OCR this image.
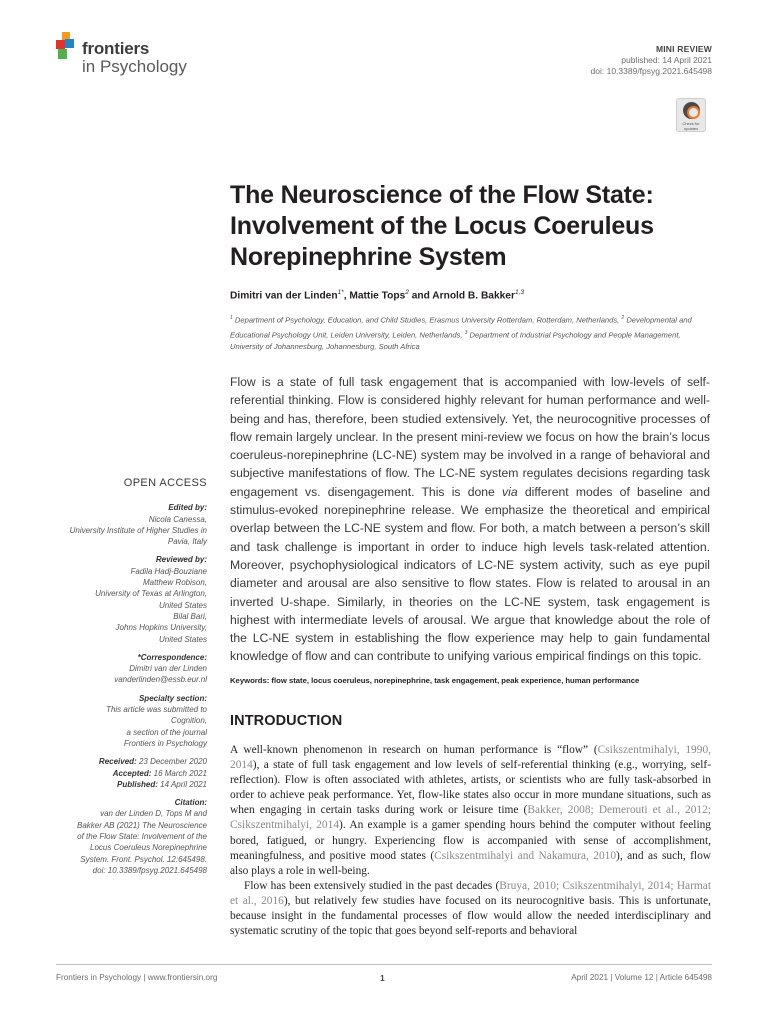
frontiers
in Psychology
MINI REVIEW
published: 14 April 2021
doi: 10.3389/fpsyg.2021.645498
Check for updates
The Neuroscience of the Flow State:
Involvement of the Locus Coeruleus
Norepinephrine System
Dimitri van der Linden$^{1*}$, Mattie Tops$^2$ and Arnold B. Bakker$^{1,3}$
$^1$ Department of Psychology, Education, and Child Studies, Erasmus University Rotterdam, Rotterdam, Netherlands, $^2$ Developmental and Educational Psychology Unit, Leiden University, Leiden, Netherlands, $^3$ Department of Industrial Psychology and People Management, University of Johannesburg, Johannesburg, South Africa
Flow is a state of full task engagement that is accompanied with low-levels of self-referential thinking. Flow is considered highly relevant for human performance and well-being and has, therefore, been studied extensively. Yet, the neurocognitive processes of flow remain largely unclear. In the present mini-review we focus on how the brain’s locus coeruleus-norepinephrine (LC-NE) system may be involved in a range of behavioral and subjective manifestations of flow. The LC-NE system regulates decisions regarding task engagement vs. disengagement. This is done via different modes of baseline and stimulus-evoked norepinephrine release. We emphasize the theoretical and empirical overlap between the LC-NE system and flow. For both, a match between a person’s skill and task challenge is important in order to induce high levels task-related attention. Moreover, psychophysiological indicators of LC-NE system activity, such as eye pupil diameter and arousal are also sensitive to flow states. Flow is related to arousal in an inverted U-shape. Similarly, in theories on the LC-NE system, task engagement is highest with intermediate levels of arousal. We argue that knowledge about the role of the LC-NE system in establishing the flow experience may help to gain fundamental knowledge of flow and can contribute to unifying various empirical findings on this topic.
Keywords: flow state, locus coeruleus, norepinephrine, task engagement, peak experience, human performance
OPEN ACCESS
Edited by:
Nicola Canessa,
University Institute of Higher Studies in
Pavia, Italy
Reviewed by:
Fadila Hadj-Bouziane
Matthew Robison,
University of Texas at Arlington,
United States
Bilal Bari,
Johns Hopkins University,
United States
*Correspondence:
Dimitri van der Linden
vanderlinden@essb.eur.nl
Specialty section:
This article was submitted to
Cognition,
a section of the journal
Frontiers in Psychology
Received: 23 December 2020
Accepted: 16 March 2021
Published: 14 April 2021
Citation:
van der Linden D, Tops M and
Bakker AB (2021) The Neuroscience
of the Flow State: Involvement of the
Locus Coeruleus Norepinephrine
System. Front. Psychol. 12:645498.
doi: 10.3389/fpsyg.2021.645498
INTRODUCTION

A well-known phenomenon in research on human performance is “flow” (Csikszentmihalyi, 1990, 2014), a state of full task engagement and low levels of self-referential thinking (e.g., worrying, self-reflection). Flow is often associated with athletes, artists, or scientists who are fully task-absorbed in order to achieve peak performance. Yet, flow-like states also occur in more mundane situations, such as when engaging in certain tasks during work or leisure time (Bakker, 2008; Demerouti et al., 2012; Csikszentmihalyi, 2014). An example is a gamer spending hours behind the computer without feeling bored, fatigued, or hungry. Experiencing flow is accompanied with sense of accomplishment, meaningfulness, and positive mood states (Csikszentmihalyi and Nakamura, 2010), and as such, flow also plays a role in well-being.

Flow has been extensively studied in the past decades (Bruya, 2010; Csikszentmihalyi, 2014; Harmat et al., 2016), but relatively few studies have focused on its neurocognitive basis. This is unfortunate, because insight in the fundamental processes of flow would allow the needed interdisciplinary and systematic scrutiny of the topic that goes beyond self-reports and behavioral

Frontiers in Psychology | www.frontiersin.org	1	April 2021 | Volume 12 | Article 645498
